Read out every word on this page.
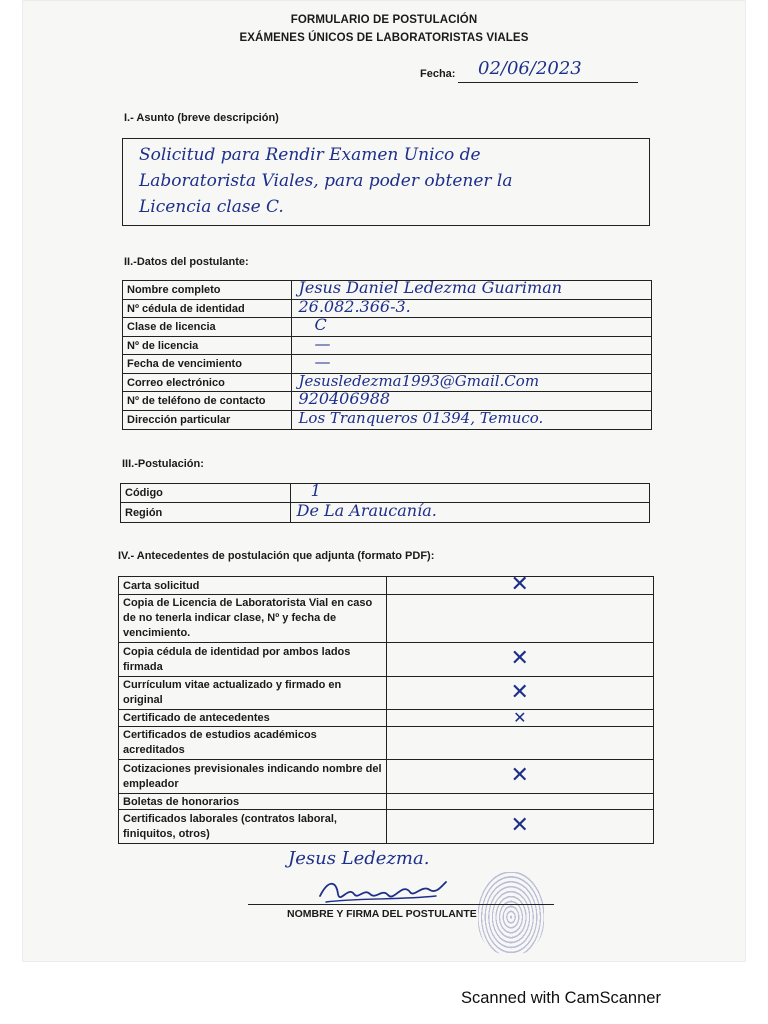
FORMULARIO DE POSTULACIÓN
EXÁMENES ÚNICOS DE LABORATORISTAS VIALES
Fecha: 02/06/2023
I.- Asunto (breve descripción)
Solicitud para Rendir Examen Unico de
Laboratorista Viales, para poder obtener la
Licencia clase C.
II.-Datos del postulante:
Nombre completo	Jesus Daniel Ledezma Guariman
Nº cédula de identidad	26.082.366-3.
Clase de licencia	C
Nº de licencia	—
Fecha de vencimiento	—
Correo electrónico	Jesusledezma1993@Gmail.Com
Nº de teléfono de contacto	920406988
Dirección particular	Los Tranqueros 01394, Temuco.
III.-Postulación:
Código	1
Región	De La Araucanía.
IV.- Antecedentes de postulación que adjunta (formato PDF):
Carta solicitud	✕
Copia de Licencia de Laboratorista Vial en caso de no tenerla indicar clase, Nº y fecha de vencimiento.	
Copia cédula de identidad por ambos lados firmada	✕
Currículum vitae actualizado y firmado en original	✕
Certificado de antecedentes	✕
Certificados de estudios académicos acreditados	
Cotizaciones previsionales indicando nombre del empleador	✕
Boletas de honorarios	
Certificados laborales (contratos laboral, finiquitos, otros)	✕
Jesus Ledezma.
NOMBRE Y FIRMA DEL POSTULANTE
Scanned with CamScanner
